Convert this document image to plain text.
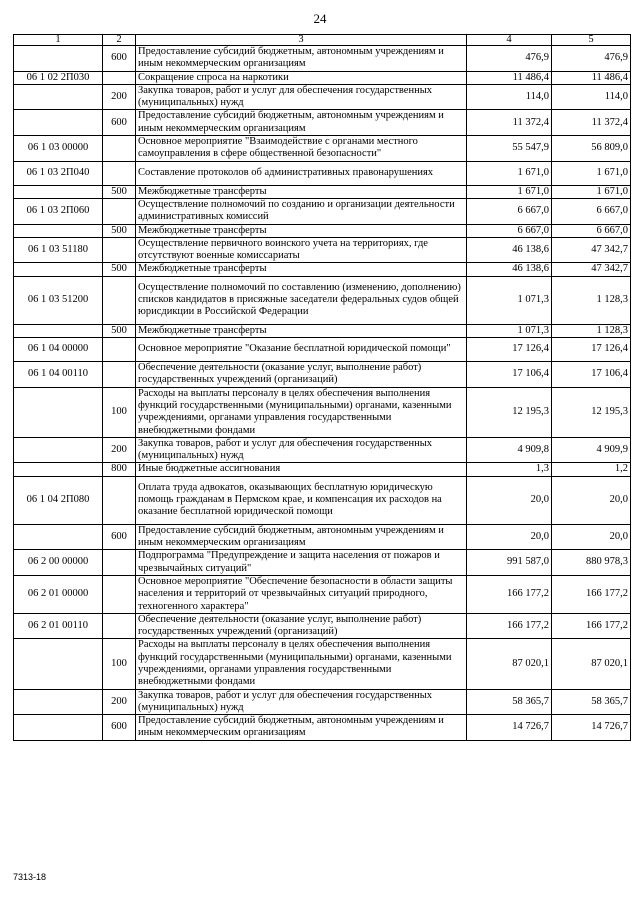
24
1	2	3	4	5
	600	Предоставление субсидий бюджетным, автономным учреждениям и иным некоммерческим организациям	476,9	476,9
06 1 02 2П030		Сокращение спроса на наркотики	11 486,4	11 486,4
	200	Закупка товаров, работ и услуг для обеспечения государственных (муниципальных) нужд	114,0	114,0
	600	Предоставление субсидий бюджетным, автономным учреждениям и иным некоммерческим организациям	11 372,4	11 372,4
06 1 03 00000		Основное мероприятие "Взаимодействие с органами местного самоуправления в сфере общественной безопасности"	55 547,9	56 809,0
06 1 03 2П040		Составление протоколов об административных правонарушениях	1 671,0	1 671,0
	500	Межбюджетные трансферты	1 671,0	1 671,0
06 1 03 2П060		Осуществление полномочий по созданию и организации деятельности административных комиссий	6 667,0	6 667,0
	500	Межбюджетные трансферты	6 667,0	6 667,0
06 1 03 51180		Осуществление первичного воинского учета на территориях, где отсутствуют военные комиссариаты	46 138,6	47 342,7
	500	Межбюджетные трансферты	46 138,6	47 342,7
06 1 03 51200		Осуществление полномочий по составлению (изменению, дополнению) списков кандидатов в присяжные заседатели федеральных судов общей юрисдикции в Российской Федерации	1 071,3	1 128,3
	500	Межбюджетные трансферты	1 071,3	1 128,3
06 1 04 00000		Основное мероприятие "Оказание бесплатной юридической помощи"	17 126,4	17 126,4
06 1 04 00110		Обеспечение деятельности (оказание услуг, выполнение работ) государственных учреждений (организаций)	17 106,4	17 106,4
	100	Расходы на выплаты персоналу в целях обеспечения выполнения функций государственными (муниципальными) органами, казенными учреждениями, органами управления государственными внебюджетными фондами	12 195,3	12 195,3
	200	Закупка товаров, работ и услуг для обеспечения государственных (муниципальных) нужд	4 909,8	4 909,9
	800	Иные бюджетные ассигнования	1,3	1,2
06 1 04 2П080		Оплата труда адвокатов, оказывающих бесплатную юридическую помощь гражданам в Пермском крае, и компенсация их расходов на оказание бесплатной юридической помощи	20,0	20,0
	600	Предоставление субсидий бюджетным, автономным учреждениям и иным некоммерческим организациям	20,0	20,0
06 2 00 00000		Подпрограмма "Предупреждение и защита населения от пожаров и чрезвычайных ситуаций"	991 587,0	880 978,3
06 2 01 00000		Основное мероприятие "Обеспечение безопасности в области защиты населения и территорий от чрезвычайных ситуаций природного, техногенного характера"	166 177,2	166 177,2
06 2 01 00110		Обеспечение деятельности (оказание услуг, выполнение работ) государственных учреждений (организаций)	166 177,2	166 177,2
	100	Расходы на выплаты персоналу в целях обеспечения выполнения функций государственными (муниципальными) органами, казенными учреждениями, органами управления государственными внебюджетными фондами	87 020,1	87 020,1
	200	Закупка товаров, работ и услуг для обеспечения государственных (муниципальных) нужд	58 365,7	58 365,7
	600	Предоставление субсидий бюджетным, автономным учреждениям и иным некоммерческим организациям	14 726,7	14 726,7
7313-18
